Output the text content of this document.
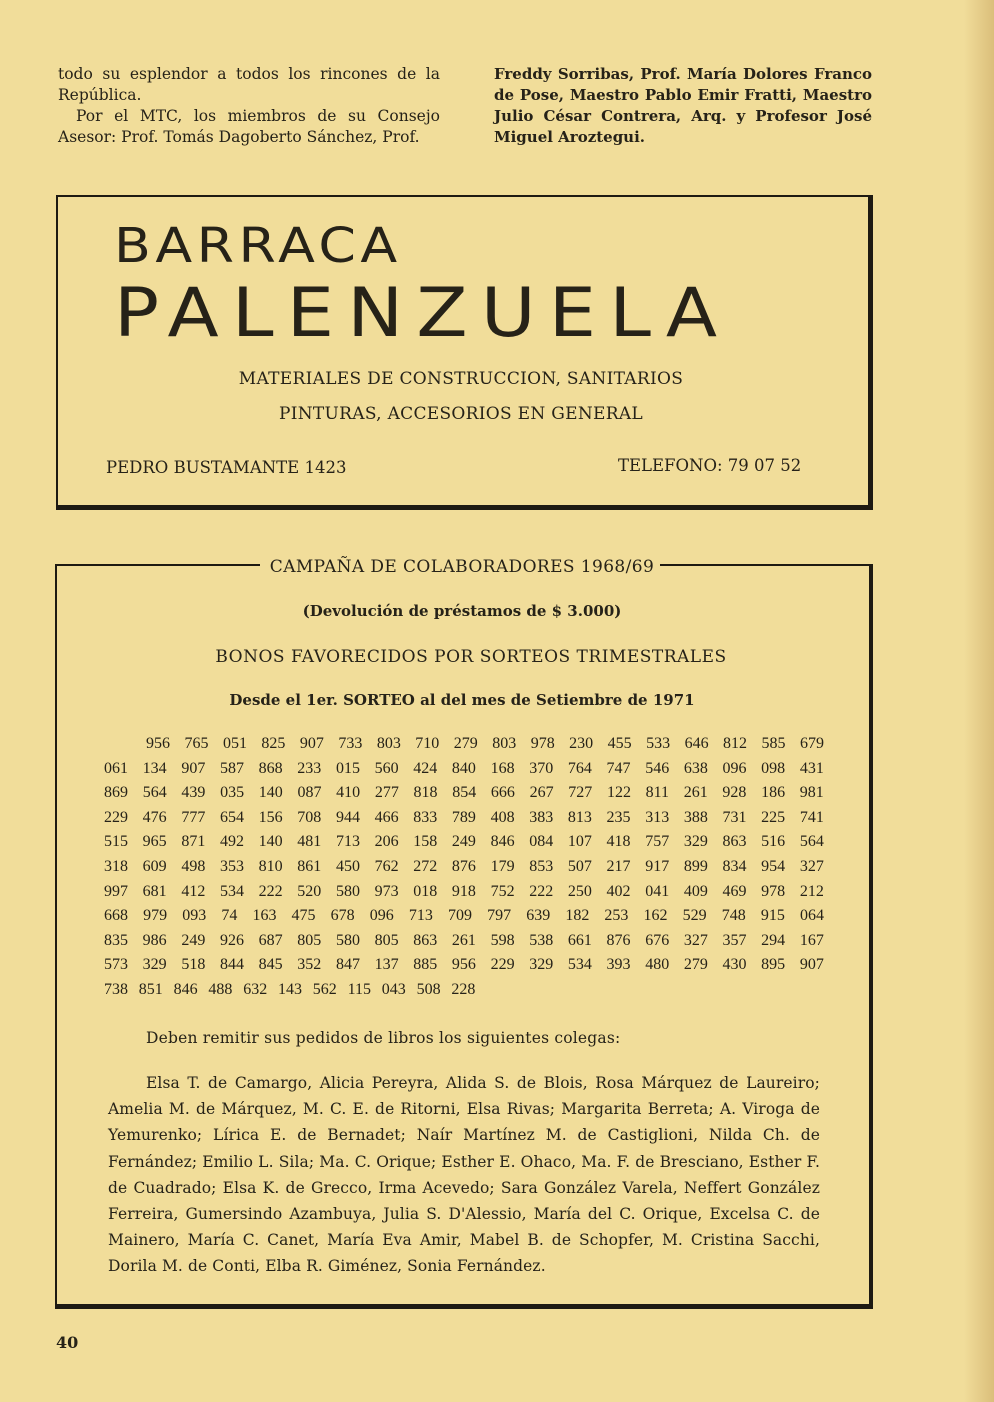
todo su esplendor a todos los rincones de la República.

Por el MTC, los miembros de su Consejo Asesor: Prof. Tomás Dagoberto Sánchez, Prof.

Freddy Sorribas, Prof. María Dolores Franco de Pose, Maestro Pablo Emir Fratti, Maestro Julio César Contrera, Arq. y Profesor José Miguel Aroztegui.

BARRACA
PALENZUELA
MATERIALES DE CONSTRUCCION, SANITARIOS
PINTURAS, ACCESORIOS EN GENERAL
PEDRO BUSTAMANTE 1423	TELEFONO: 79 07 52
CAMPAÑA DE COLABORADORES 1968/69
(Devolución de préstamos de $ 3.000)
BONOS FAVORECIDOS POR SORTEOS TRIMESTRALES
Desde el 1er. SORTEO al del mes de Setiembre de 1971
956 765 051 825 907 733 803 710 279 803 978 230 455 533 646 812 585 679
061 134 907 587 868 233 015 560 424 840 168 370 764 747 546 638 096 098 431
869 564 439 035 140 087 410 277 818 854 666 267 727 122 811 261 928 186 981
229 476 777 654 156 708 944 466 833 789 408 383 813 235 313 388 731 225 741
515 965 871 492 140 481 713 206 158 249 846 084 107 418 757 329 863 516 564
318 609 498 353 810 861 450 762 272 876 179 853 507 217 917 899 834 954 327
997 681 412 534 222 520 580 973 018 918 752 222 250 402 041 409 469 978 212
668 979 093 74 163 475 678 096 713 709 797 639 182 253 162 529 748 915 064
835 986 249 926 687 805 580 805 863 261 598 538 661 876 676 327 357 294 167
573 329 518 844 845 352 847 137 885 956 229 329 534 393 480 279 430 895 907
738 851 846 488 632 143 562 115 043 508 228
Deben remitir sus pedidos de libros los siguientes colegas:
Elsa T. de Camargo, Alicia Pereyra, Alida S. de Blois, Rosa Márquez de Laureiro; Amelia M. de Márquez, M. C. E. de Ritorni, Elsa Rivas; Margarita Berreta; A. Viroga de Yemurenko; Lírica E. de Bernadet; Naír Martínez M. de Castiglioni, Nilda Ch. de Fernández; Emilio L. Sila; Ma. C. Orique; Esther E. Ohaco, Ma. F. de Bresciano, Esther F. de Cuadrado; Elsa K. de Grecco, Irma Acevedo; Sara González Varela, Neffert González Ferreira, Gumersindo Azambuya, Julia S. D'Alessio, María del C. Orique, Excelsa C. de Mainero, María C. Canet, María Eva Amir, Mabel B. de Schopfer, M. Cristina Sacchi, Dorila M. de Conti, Elba R. Giménez, Sonia Fernández.
40
